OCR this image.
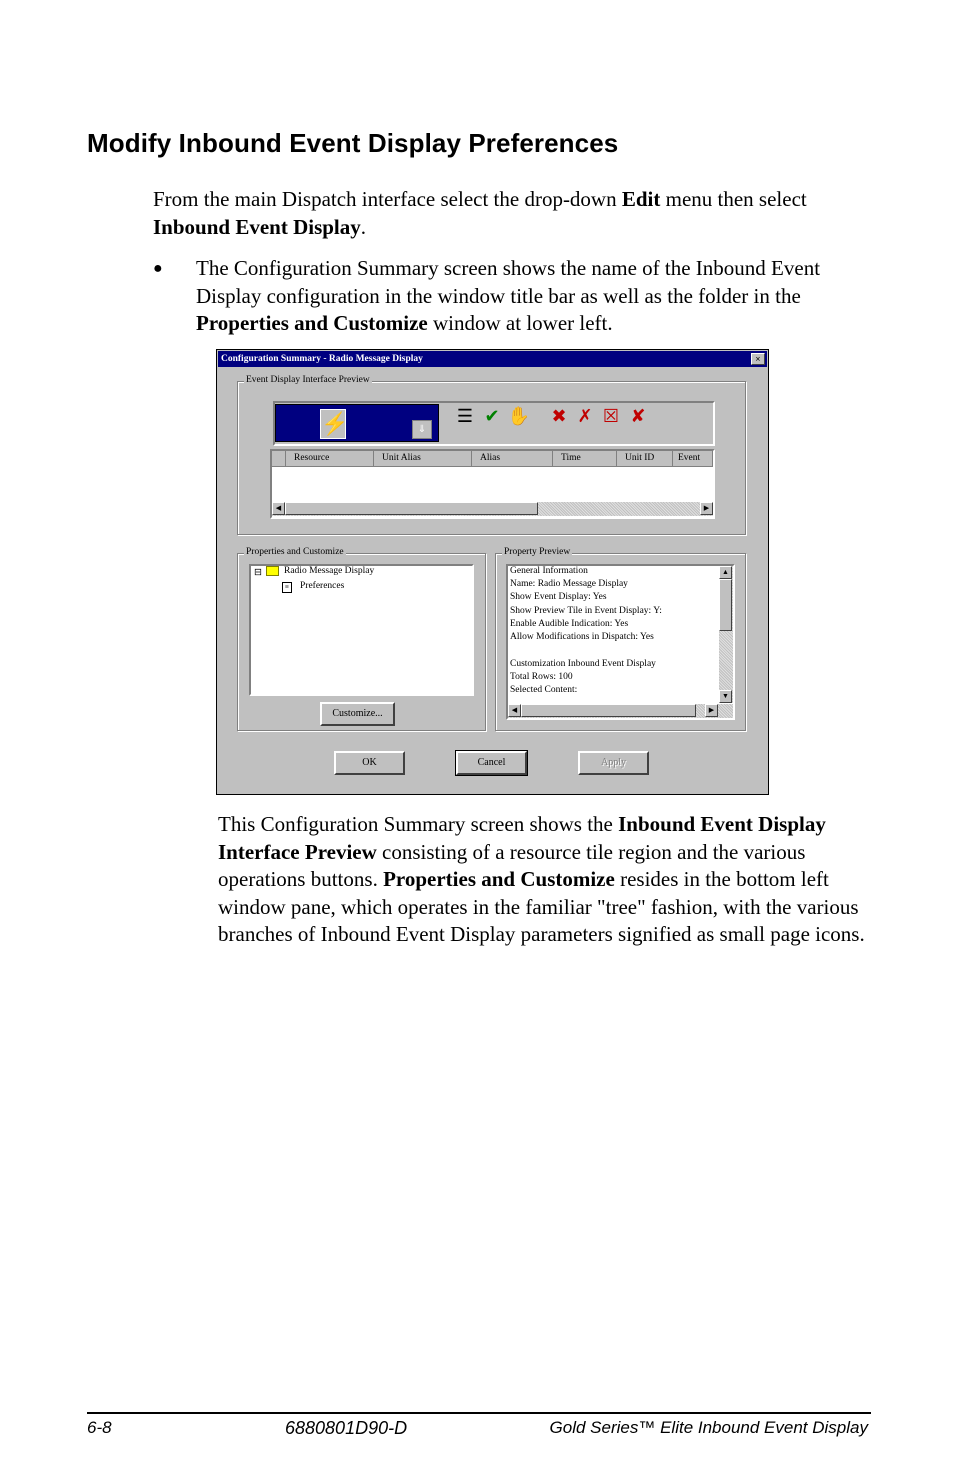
Modify Inbound Event Display Preferences

From the main Dispatch interface select the drop-down Edit menu then select Inbound Event Display.

● The Configuration Summary screen shows the name of the Inbound Event Display configuration in the window title bar as well as the folder in the Properties and Customize window at lower left.
Configuration Summary - Radio Message Display	×
Event Display Interface Preview
⚡	⇓
☰ ✔ ✋ ✖ ✗ ☒ ✘
Resource	Unit Alias	Alias	Time	Unit ID	Event
◀	▶
Properties and Customize
⊟ Radio Message Display
≡	Preferences
Customize...
Property Preview
General Information
Name: Radio Message Display
Show Event Display: Yes
Show Preview Tile in Event Display: Y:
Enable Audible Indication: Yes
Allow Modifications in Dispatch: Yes
Customization Inbound Event Display
Total Rows: 100
Selected Content:
▲
▼
◀	▶
OK	Cancel	Apply

This Configuration Summary screen shows the Inbound Event Display Interface Preview consisting of a resource tile region and the various operations buttons. Properties and Customize resides in the bottom left window pane, which operates in the familiar "tree" fashion, with the various branches of Inbound Event Display parameters signified as small page icons.

6-8	6880801D90-D	Gold Series™ Elite Inbound Event Display
